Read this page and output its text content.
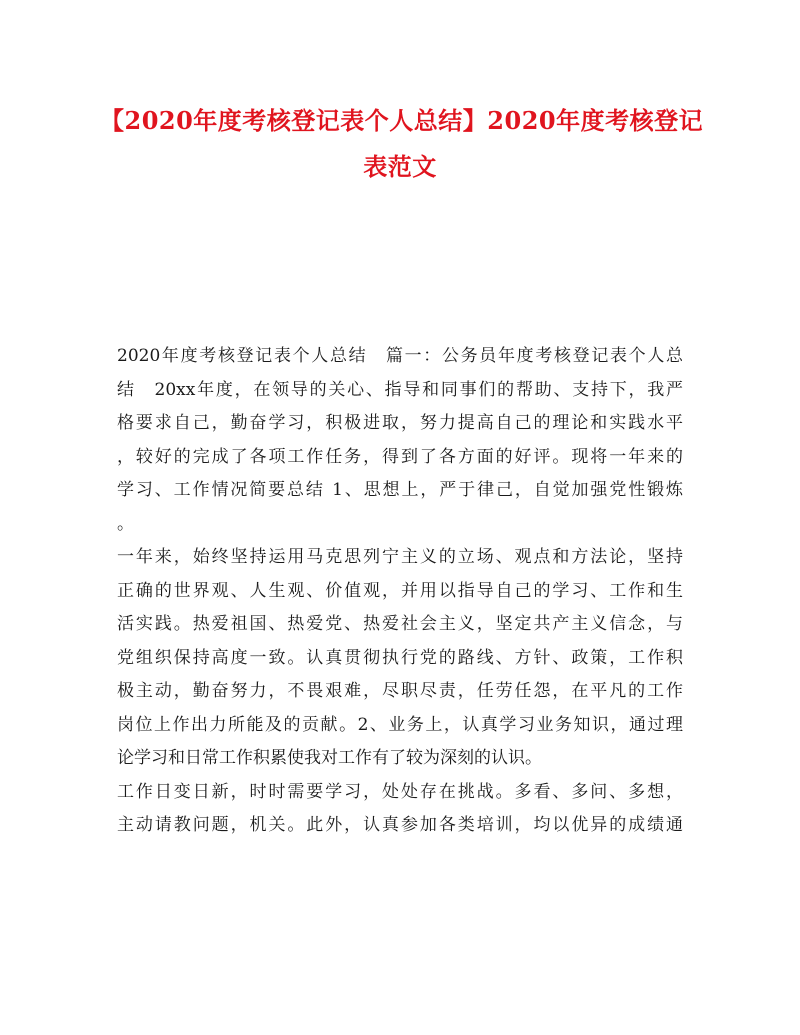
【2020年度考核登记表个人总结】2020年度考核登记
表范文
2020年度考核登记表个人总结　篇一：公务员年度考核登记表个人总
结　20xx年度，在领导的关心、指导和同事们的帮助、支持下，我严
格要求自己，勤奋学习，积极进取，努力提高自己的理论和实践水平
，较好的完成了各项工作任务，得到了各方面的好评。现将一年来的
学习、工作情况简要总结 1、思想上，严于律己，自觉加强党性锻炼
。
一年来，始终坚持运用马克思列宁主义的立场、观点和方法论，坚持
正确的世界观、人生观、价值观，并用以指导自己的学习、工作和生
活实践。热爱祖国、热爱党、热爱社会主义，坚定共产主义信念，与
党组织保持高度一致。认真贯彻执行党的路线、方针、政策，工作积
极主动，勤奋努力，不畏艰难，尽职尽责，任劳任怨，在平凡的工作
岗位上作出力所能及的贡献。2、业务上，认真学习业务知识，通过理
论学习和日常工作积累使我对工作有了较为深刻的认识。
工作日变日新，时时需要学习，处处存在挑战。多看、多问、多想，
主动请教问题，机关。此外，认真参加各类培训，均以优异的成绩通
